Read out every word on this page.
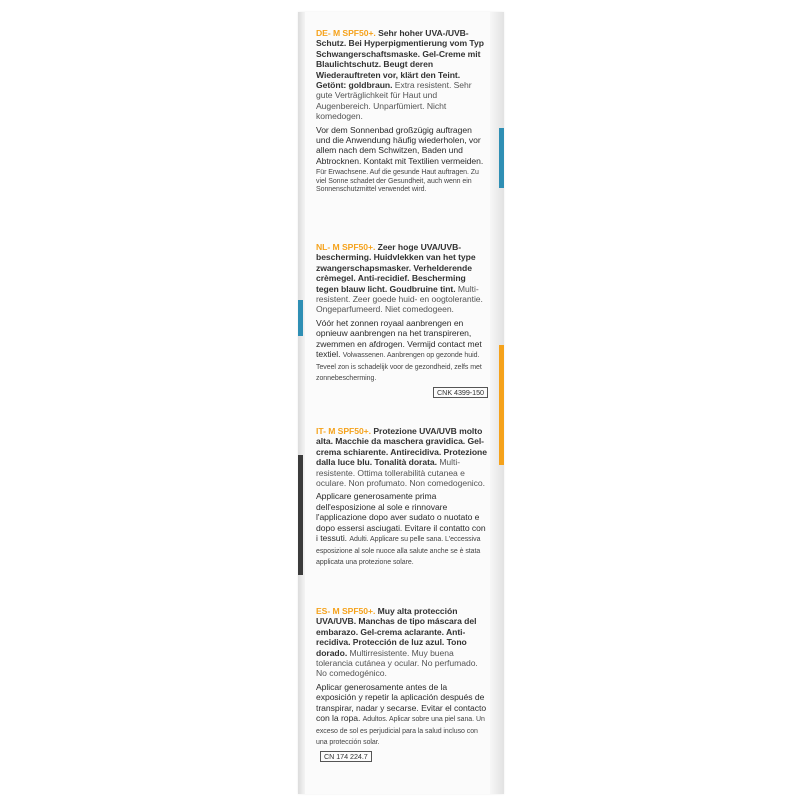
DE- M SPF50+. Sehr hoher UVA-/UVB-Schutz. Bei Hyperpigmentierung vom Typ Schwangerschaftsmaske. Gel-Creme mit Blaulichtschutz. Beugt deren Wiederauftreten vor, klärt den Teint. Getönt: goldbraun. Extra resistent. Sehr gute Verträglichkeit für Haut und Augenbereich. Unparfümiert. Nicht komedogen.

Vor dem Sonnenbad großzügig auftragen und die Anwendung häufig wiederholen, vor allem nach dem Schwitzen, Baden und Abtrocknen. Kontakt mit Textilien vermeiden.

Für Erwachsene. Auf die gesunde Haut auftragen. Zu viel Sonne schadet der Gesundheit, auch wenn ein Sonnenschutzmittel verwendet wird.

NL- M SPF50+. Zeer hoge UVA/UVB-bescherming. Huidvlekken van het type zwangerschapsmasker. Verhelderende crèmegel. Anti-recidief. Bescherming tegen blauw licht. Goudbruine tint. Multi-resistent. Zeer goede huid- en oogtolerantie. Ongeparfumeerd. Niet comedogeen.

Vóór het zonnen royaal aanbrengen en opnieuw aanbrengen na het transpireren, zwemmen en afdrogen. Vermijd contact met textiel. Volwassenen. Aanbrengen op gezonde huid. Teveel zon is schadelijk voor de gezondheid, zelfs met zonnebescherming.

CNK 4399-150

IT- M SPF50+. Protezione UVA/UVB molto alta. Macchie da maschera gravidica. Gel-crema schiarente. Antirecidiva. Protezione dalla luce blu. Tonalità dorata. Multi-resistente. Ottima tollerabilità cutanea e oculare. Non profumato. Non comedogenico.

Applicare generosamente prima dell'esposizione al sole e rinnovare l'applicazione dopo aver sudato o nuotato e dopo essersi asciugati. Evitare il contatto con i tessuti. Adulti. Applicare su pelle sana. L'eccessiva esposizione al sole nuoce alla salute anche se è stata applicata una protezione solare.

ES- M SPF50+. Muy alta protección UVA/UVB. Manchas de tipo máscara del embarazo. Gel-crema aclarante. Anti-recidiva. Protección de luz azul. Tono dorado. Multirresistente. Muy buena tolerancia cutánea y ocular. No perfumado. No comedogénico.

Aplicar generosamente antes de la exposición y repetir la aplicación después de transpirar, nadar y secarse. Evitar el contacto con la ropa. Adultos. Aplicar sobre una piel sana. Un exceso de sol es perjudicial para la salud incluso con una protección solar.

CN 174 224.7
